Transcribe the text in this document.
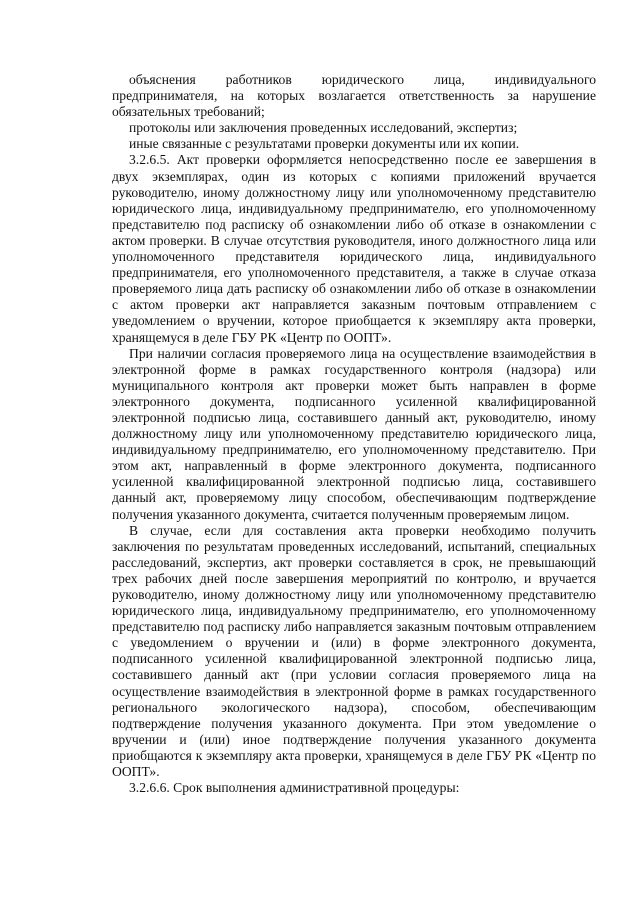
объяснения работников юридического лица, индивидуального предпринимателя, на которых возлагается ответственность за нарушение обязательных требований;

протоколы или заключения проведенных исследований, экспертиз;

иные связанные с результатами проверки документы или их копии.

3.2.6.5. Акт проверки оформляется непосредственно после ее завершения в двух экземплярах, один из которых с копиями приложений вручается руководителю, иному должностному лицу или уполномоченному представителю юридического лица, индивидуальному предпринимателю, его уполномоченному представителю под расписку об ознакомлении либо об отказе в ознакомлении с актом проверки. В случае отсутствия руководителя, иного должностного лица или уполномоченного представителя юридического лица, индивидуального предпринимателя, его уполномоченного представителя, а также в случае отказа проверяемого лица дать расписку об ознакомлении либо об отказе в ознакомлении с актом проверки акт направляется заказным почтовым отправлением с уведомлением о вручении, которое приобщается к экземпляру акта проверки, хранящемуся в деле ГБУ РК «Центр по ООПТ».

При наличии согласия проверяемого лица на осуществление взаимодействия в электронной форме в рамках государственного контроля (надзора) или муниципального контроля акт проверки может быть направлен в форме электронного документа, подписанного усиленной квалифицированной электронной подписью лица, составившего данный акт, руководителю, иному должностному лицу или уполномоченному представителю юридического лица, индивидуальному предпринимателю, его уполномоченному представителю. При этом акт, направленный в форме электронного документа, подписанного усиленной квалифицированной электронной подписью лица, составившего данный акт, проверяемому лицу способом, обеспечивающим подтверждение получения указанного документа, считается полученным проверяемым лицом.

В случае, если для составления акта проверки необходимо получить заключения по результатам проведенных исследований, испытаний, специальных расследований, экспертиз, акт проверки составляется в срок, не превышающий трех рабочих дней после завершения мероприятий по контролю, и вручается руководителю, иному должностному лицу или уполномоченному представителю юридического лица, индивидуальному предпринимателю, его уполномоченному представителю под расписку либо направляется заказным почтовым отправлением с уведомлением о вручении и (или) в форме электронного документа, подписанного усиленной квалифицированной электронной подписью лица, составившего данный акт (при условии согласия проверяемого лица на осуществление взаимодействия в электронной форме в рамках государственного регионального экологического надзора), способом, обеспечивающим подтверждение получения указанного документа. При этом уведомление о вручении и (или) иное подтверждение получения указанного документа приобщаются к экземпляру акта проверки, хранящемуся в деле ГБУ РК «Центр по ООПТ».

3.2.6.6. Срок выполнения административной процедуры:
